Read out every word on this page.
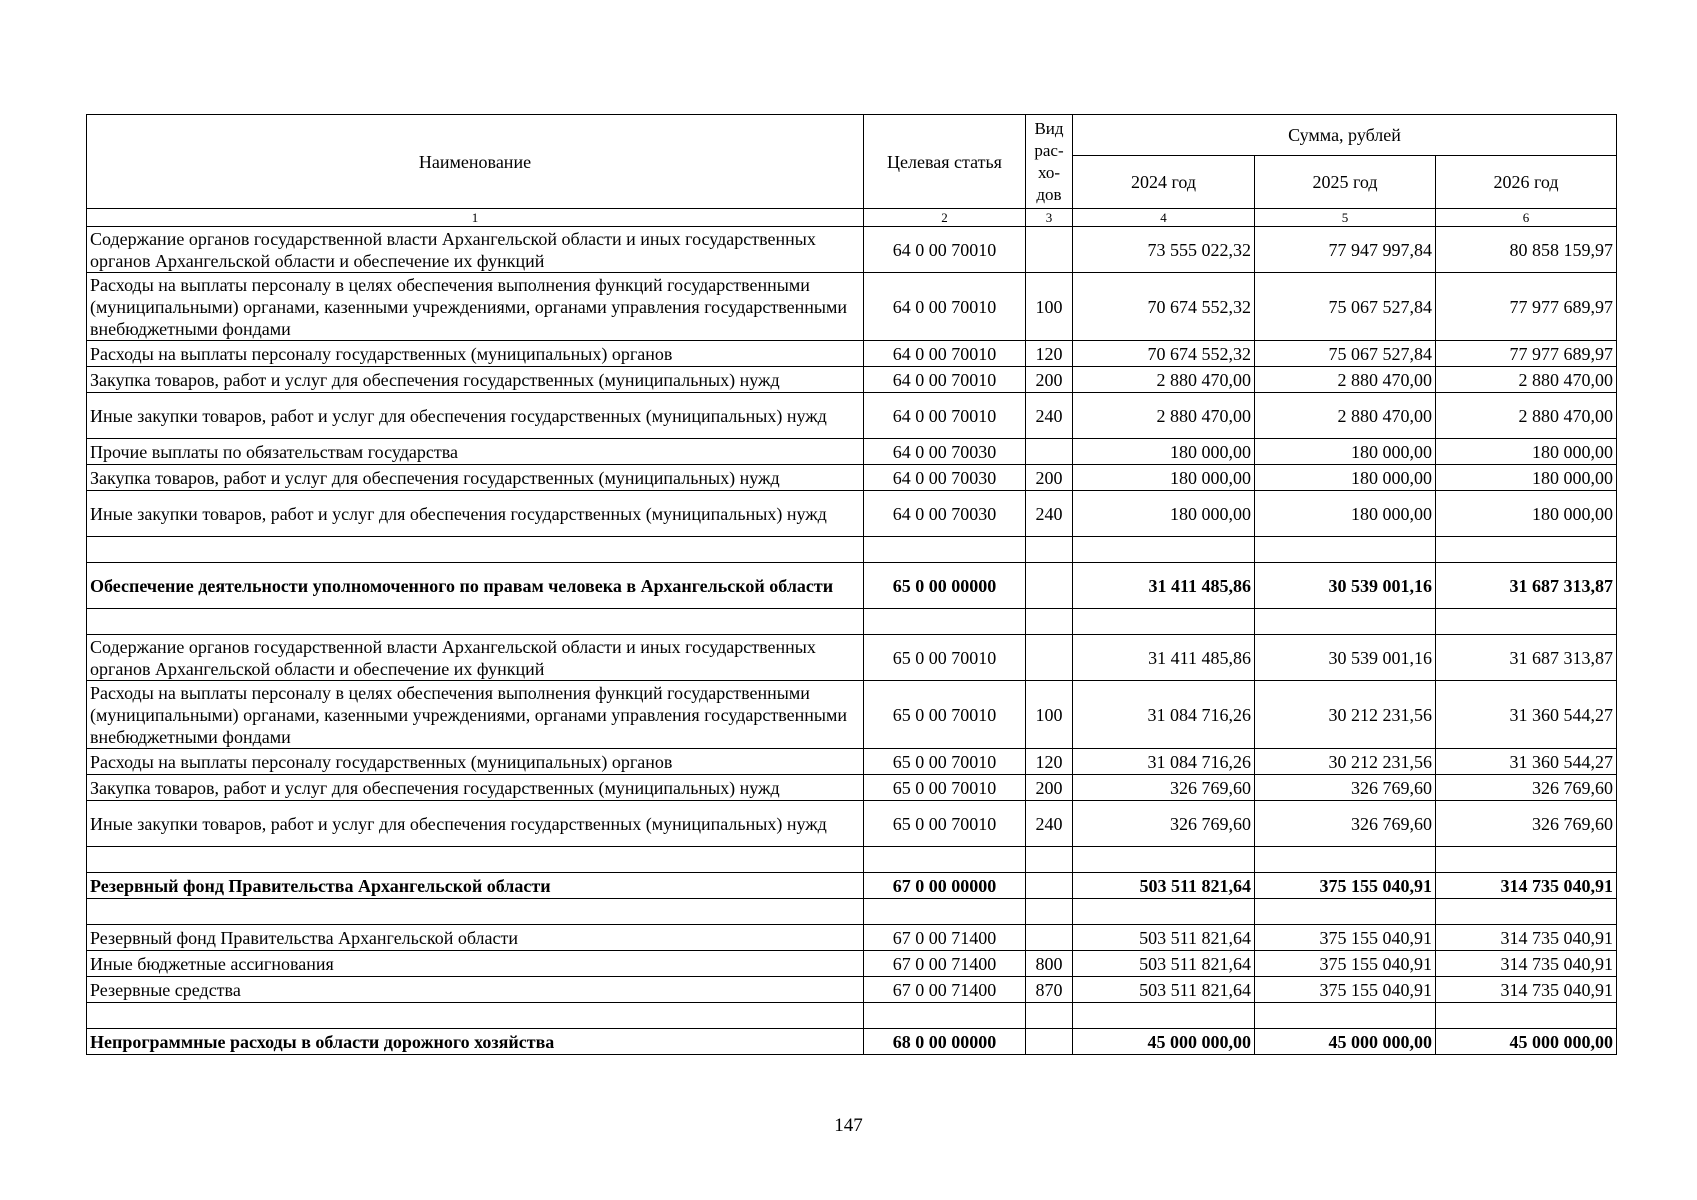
Наименование	Целевая статья	Вид рас-хо-дов	Сумма, рублей		
			2024 год	2025 год	2026 год
1	2	3	4	5	6
Содержание органов государственной власти Архангельской области и иных государственных органов Архангельской области и обеспечение их функций	64 0 00 70010		73 555 022,32	77 947 997,84	80 858 159,97
Расходы на выплаты персоналу в целях обеспечения выполнения функций государственными (муниципальными) органами, казенными учреждениями, органами управления государственными внебюджетными фондами	64 0 00 70010	100	70 674 552,32	75 067 527,84	77 977 689,97
Расходы на выплаты персоналу государственных (муниципальных) органов	64 0 00 70010	120	70 674 552,32	75 067 527,84	77 977 689,97
Закупка товаров, работ и услуг для обеспечения государственных (муниципальных) нужд	64 0 00 70010	200	2 880 470,00	2 880 470,00	2 880 470,00
Иные закупки товаров, работ и услуг для обеспечения государственных (муниципальных) нужд	64 0 00 70010	240	2 880 470,00	2 880 470,00	2 880 470,00
Прочие выплаты по обязательствам государства	64 0 00 70030		180 000,00	180 000,00	180 000,00
Закупка товаров, работ и услуг для обеспечения государственных (муниципальных) нужд	64 0 00 70030	200	180 000,00	180 000,00	180 000,00
Иные закупки товаров, работ и услуг для обеспечения государственных (муниципальных) нужд	64 0 00 70030	240	180 000,00	180 000,00	180 000,00

Обеспечение деятельности уполномоченного по правам человека в Архангельской области	65 0 00 00000		31 411 485,86	30 539 001,16	31 687 313,87

Содержание органов государственной власти Архангельской области и иных государственных органов Архангельской области и обеспечение их функций	65 0 00 70010		31 411 485,86	30 539 001,16	31 687 313,87
Расходы на выплаты персоналу в целях обеспечения выполнения функций государственными (муниципальными) органами, казенными учреждениями, органами управления государственными внебюджетными фондами	65 0 00 70010	100	31 084 716,26	30 212 231,56	31 360 544,27
Расходы на выплаты персоналу государственных (муниципальных) органов	65 0 00 70010	120	31 084 716,26	30 212 231,56	31 360 544,27
Закупка товаров, работ и услуг для обеспечения государственных (муниципальных) нужд	65 0 00 70010	200	326 769,60	326 769,60	326 769,60
Иные закупки товаров, работ и услуг для обеспечения государственных (муниципальных) нужд	65 0 00 70010	240	326 769,60	326 769,60	326 769,60

Резервный фонд Правительства Архангельской области	67 0 00 00000		503 511 821,64	375 155 040,91	314 735 040,91

Резервный фонд Правительства Архангельской области	67 0 00 71400		503 511 821,64	375 155 040,91	314 735 040,91
Иные бюджетные ассигнования	67 0 00 71400	800	503 511 821,64	375 155 040,91	314 735 040,91
Резервные средства	67 0 00 71400	870	503 511 821,64	375 155 040,91	314 735 040,91

Непрограммные расходы в области дорожного хозяйства	68 0 00 00000		45 000 000,00	45 000 000,00	45 000 000,00
147
